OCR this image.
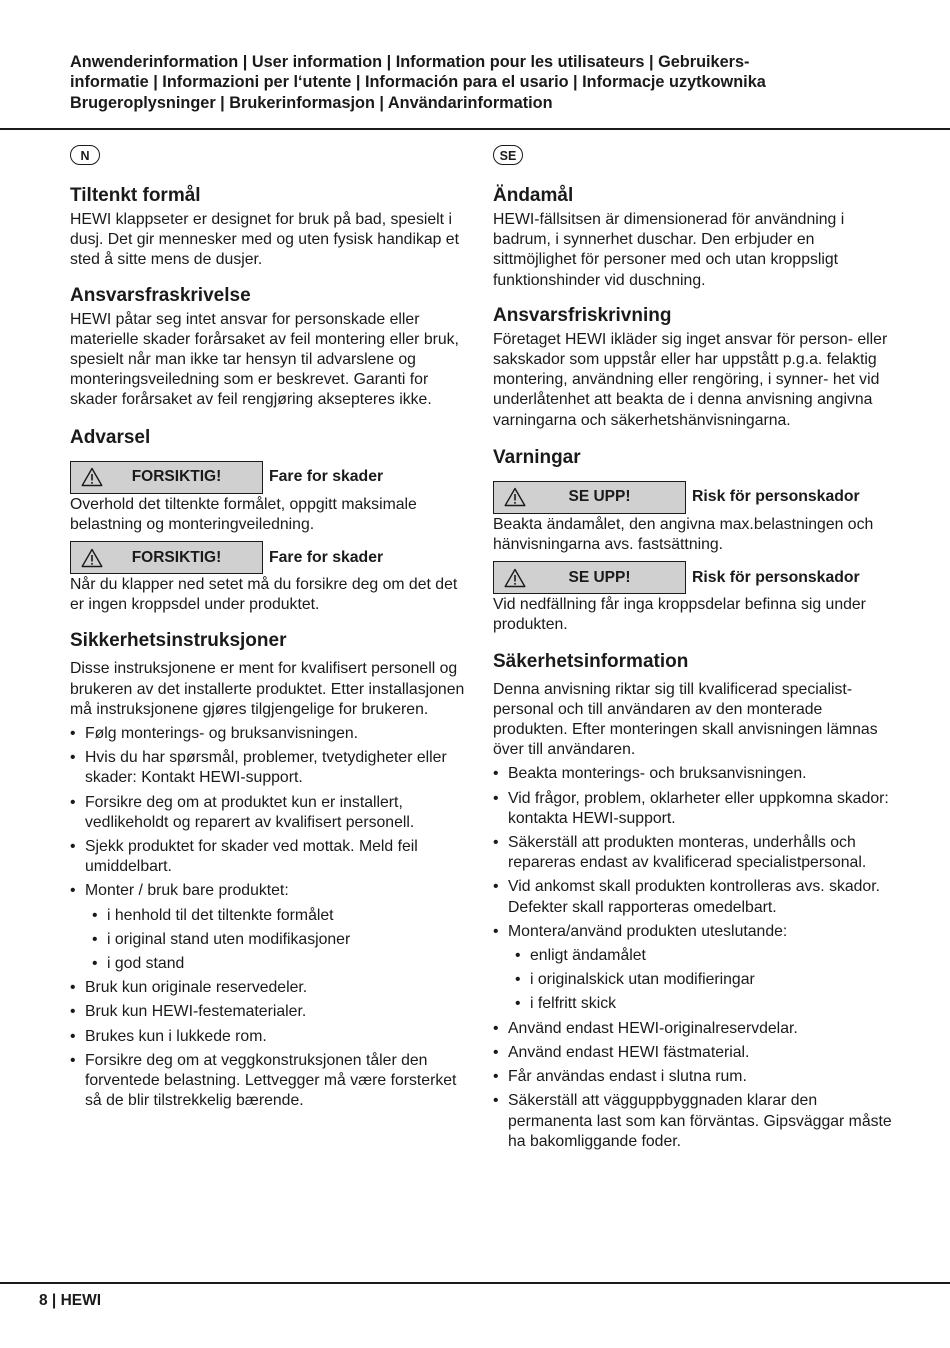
Anwenderinformation | User information | Information pour les utilisateurs | Gebruikers-
informatie | Informazioni per l‘utente | Información para el usario | Informacje uzytkownika
Brugeroplysninger | Brukerinformasjon | Användarinformation
N
Tiltenkt formål

HEWI klappseter er designet for bruk på bad, spesielt i dusj. Det gir mennesker med og uten fysisk handikap et sted å sitte mens de dusjer.

Ansvarsfraskrivelse

HEWI påtar seg intet ansvar for personskade eller materielle skader forårsaket av feil montering eller bruk, spesielt når man ikke tar hensyn til advarslene og monteringsveiledning som er beskrevet. Garanti for skader forårsaket av feil rengjøring aksepteres ikke.

Advarsel
FORSIKTIG!	Fare for skader

Overhold det tiltenkte formålet, oppgitt maksimale belastning og monteringveiledning.

FORSIKTIG!	Fare for skader

Når du klapper ned setet må du forsikre deg om det det er ingen kroppsdel under produktet.

Sikkerhetsinstruksjoner

Disse instruksjonene er ment for kvalifisert personell og brukeren av det installerte produktet. Etter installasjonen må instruksjonene gjøres tilgjengelige for brukeren.

• Følg monterings- og bruksanvisningen.
• Hvis du har spørsmål, problemer, tvetydigheter eller skader: Kontakt HEWI-support.
• Forsikre deg om at produktet kun er installert, vedlikeholdt og reparert av kvalifisert personell.
• Sjekk produktet for skader ved mottak. Meld feil umiddelbart.
• Monter / bruk bare produktet:
• i henhold til det tiltenkte formålet
• i original stand uten modifikasjoner
• i god stand
• Bruk kun originale reservedeler.
• Bruk kun HEWI-festematerialer.
• Brukes kun i lukkede rom.
• Forsikre deg om at veggkonstruksjonen tåler den forventede belastning. Lettvegger må være forsterket så de blir tilstrekkelig bærende.
SE
Ändamål

HEWI-fällsitsen är dimensionerad för användning i badrum, i synnerhet duschar. Den erbjuder en sittmöjlighet för personer med och utan kroppsligt funktionshinder vid duschning.

Ansvarsfriskrivning

Företaget HEWI ikläder sig inget ansvar för person- eller sakskador som uppstår eller har uppstått p.g.a. felaktig montering, användning eller rengöring, i synner- het vid underlåtenhet att beakta de i denna anvisning angivna varningarna och säkerhetshänvisningarna.

Varningar
SE UPP!	Risk för personskador

Beakta ändamålet, den angivna max.belastningen och hänvisningarna avs. fastsättning.

SE UPP!	Risk för personskador

Vid nedfällning får inga kroppsdelar befinna sig under produkten.

Säkerhetsinformation

Denna anvisning riktar sig till kvalificerad specialist- personal och till användaren av den monterade produkten. Efter monteringen skall anvisningen lämnas över till användaren.

• Beakta monterings- och bruksanvisningen.
• Vid frågor, problem, oklarheter eller uppkomna skador: kontakta HEWI-support.
• Säkerställ att produkten monteras, underhålls och repareras endast av kvalificerad specialistpersonal.
• Vid ankomst skall produkten kontrolleras avs. skador. Defekter skall rapporteras omedelbart.
• Montera/använd produkten uteslutande:
• enligt ändamålet
• i originalskick utan modifieringar
• i felfritt skick
• Använd endast HEWI-originalreservdelar.
• Använd endast HEWI fästmaterial.
• Får användas endast i slutna rum.
• Säkerställ att vägguppbyggnaden klarar den permanenta last som kan förväntas. Gipsväggar måste ha bakomliggande foder.
8 | HEWI
